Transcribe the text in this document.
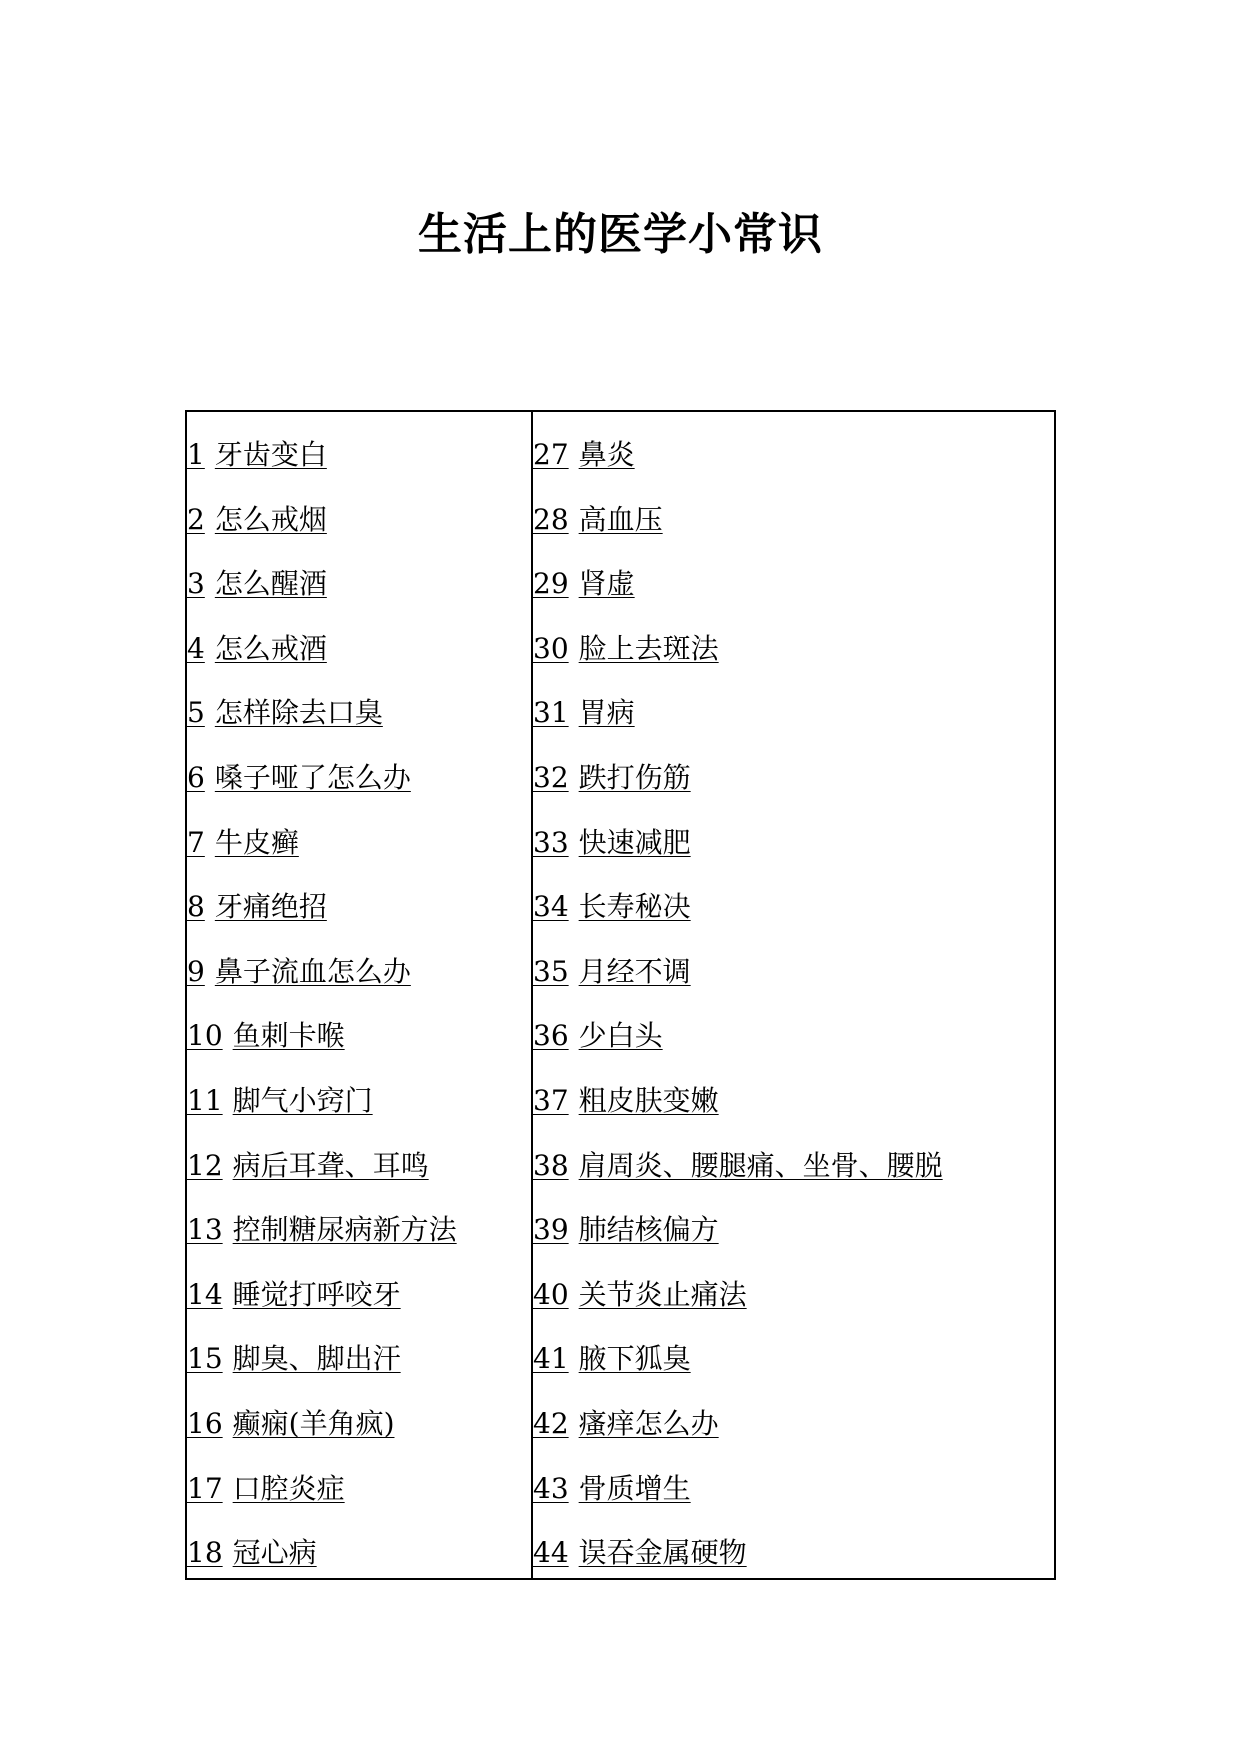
生活上的医学小常识
1 牙齿变白
2 怎么戒烟
3 怎么醒酒
4 怎么戒酒
5 怎样除去口臭
6 嗓子哑了怎么办
7 牛皮癣
8 牙痛绝招
9 鼻子流血怎么办
10 鱼刺卡喉
11 脚气小窍门
12 病后耳聋、耳鸣
13 控制糖尿病新方法
14 睡觉打呼咬牙
15 脚臭、脚出汗
16 癫痫(羊角疯)
17 口腔炎症
18 冠心病
27 鼻炎
28 高血压
29 肾虚
30 脸上去斑法
31 胃病
32 跌打伤筋
33 快速减肥
34 长寿秘决
35 月经不调
36 少白头
37 粗皮肤变嫩
38 肩周炎、腰腿痛、坐骨、腰脱
39 肺结核偏方
40 关节炎止痛法
41 腋下狐臭
42 瘙痒怎么办
43 骨质增生
44 误吞金属硬物
